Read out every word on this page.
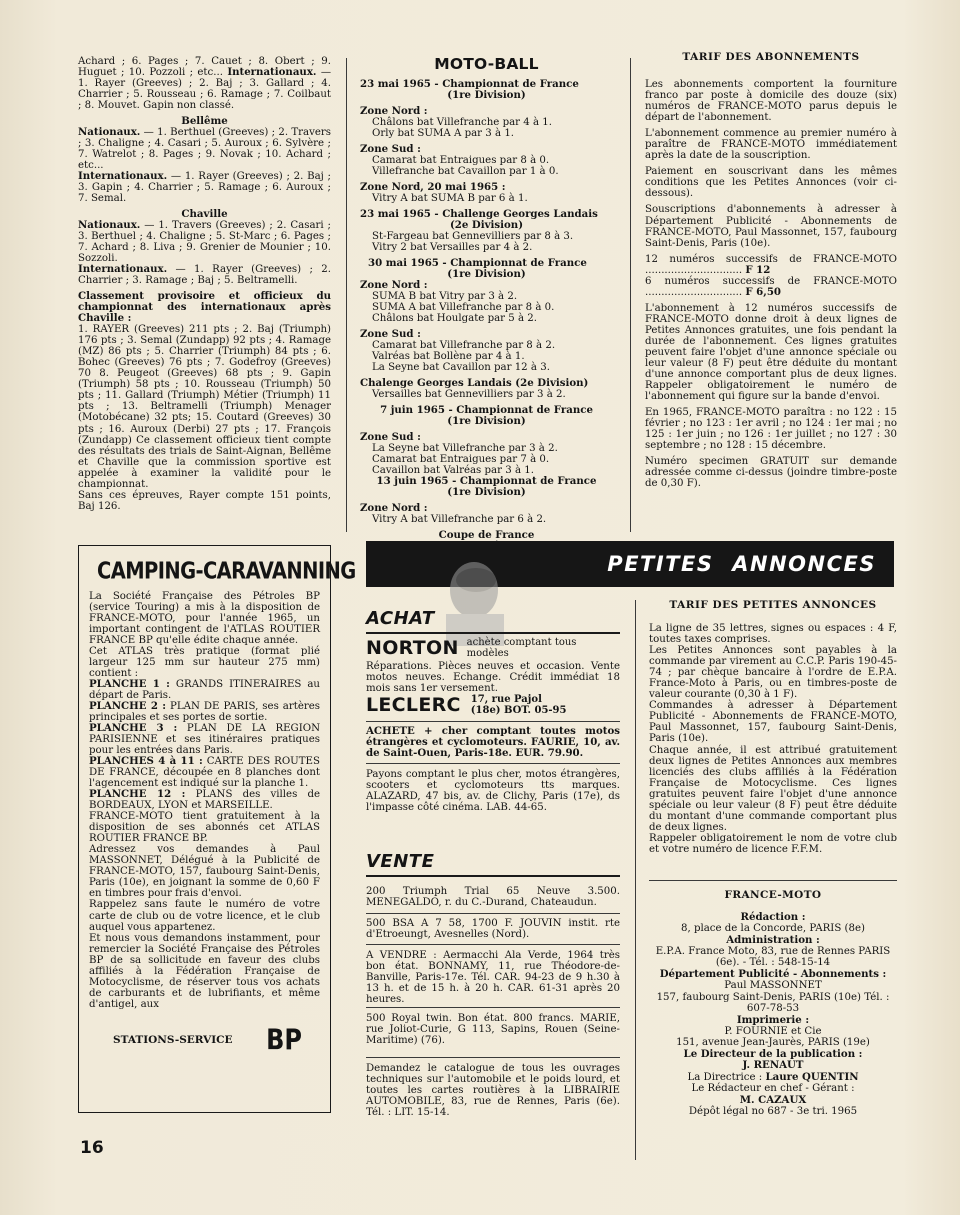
Achard ; 6. Pages ; 7. Cauet ; 8. Obert ; 9. Huguet ; 10. Pozzoli ; etc... Internationaux. — 1. Rayer (Greeves) ; 2. Baj ; 3. Gallard ; 4. Charrier ; 5. Rousseau ; 6. Ramage ; 7. Coilbaut ; 8. Mouvet. Gapin non classé.

Bellême

Nationaux. — 1. Berthuel (Greeves) ; 2. Travers ; 3. Chaligne ; 4. Casari ; 5. Auroux ; 6. Sylvère ; 7. Watrelot ; 8. Pages ; 9. Novak ; 10. Achard ; etc...

Internationaux. — 1. Rayer (Greeves) ; 2. Baj ; 3. Gapin ; 4. Charrier ; 5. Ramage ; 6. Auroux ; 7. Semal.

Chaville

Nationaux. — 1. Travers (Greeves) ; 2. Casari ; 3. Berthuel ; 4. Chaligne ; 5. St-Marc ; 6. Pages ; 7. Achard ; 8. Liva ; 9. Grenier de Mounier ; 10. Sozzoli.

Internationaux. — 1. Rayer (Greeves) ; 2. Charrier ; 3. Ramage ; Baj ; 5. Beltramelli.

Classement provisoire et officieux du championnat des internationaux après Chaville :

1. RAYER (Greeves) 211 pts ; 2. Baj (Triumph) 176 pts ; 3. Semal (Zundapp) 92 pts ; 4. Ramage (MZ) 86 pts ; 5. Charrier (Triumph) 84 pts ; 6. Bohec (Greeves) 76 pts ; 7. Godefroy (Greeves) 70 8. Peugeot (Greeves) 68 pts ; 9. Gapin (Triumph) 58 pts ; 10. Rousseau (Triumph) 50 pts ; 11. Gallard (Triumph) Métier (Triumph) 11 pts ; 13. Beltramelli (Triumph) Menager (Motobécane) 32 pts; 15. Coutard (Greeves) 30 pts ; 16. Auroux (Derbi) 27 pts ; 17. François (Zundapp) Ce classement officieux tient compte des résultats des trials de Saint-Aignan, Bellême et Chaville que la commission sportive est appelée à examiner la validité pour le championnat.

Sans ces épreuves, Rayer compte 151 points, Baj 126.

CAMPING-CARAVANNING

La Société Française des Pétroles BP (service Touring) a mis à la disposition de FRANCE-MOTO, pour l'année 1965, un important contingent de l'ATLAS ROUTIER FRANCE BP qu'elle édite chaque année.

Cet ATLAS très pratique (format plié largeur 125 mm sur hauteur 275 mm) contient :

PLANCHE 1 : GRANDS ITINERAIRES au départ de Paris.

PLANCHE 2 : PLAN DE PARIS, ses artères principales et ses portes de sortie.

PLANCHE 3 : PLAN DE LA REGION PARISIENNE et ses itinéraires pratiques pour les entrées dans Paris.

PLANCHES 4 à 11 : CARTE DES ROUTES DE FRANCE, découpée en 8 planches dont l'agencement est indiqué sur la planche 1.

PLANCHE 12 : PLANS des villes de BORDEAUX, LYON et MARSEILLE.

FRANCE-MOTO tient gratuitement à la disposition de ses abonnés cet ATLAS ROUTIER FRANCE BP.

Adressez vos demandes à Paul MASSONNET, Délégué à la Publicité de FRANCE-MOTO, 157, faubourg Saint-Denis, Paris (10e), en joignant la somme de 0,60 F en timbres pour frais d'envoi.

Rappelez sans faute le numéro de votre carte de club ou de votre licence, et le club auquel vous appartenez.

Et nous vous demandons instamment, pour remercier la Société Française des Pétroles BP de sa sollicitude en faveur des clubs affiliés à la Fédération Française de Motocyclisme, de réserver tous vos achats de carburants et de lubrifiants, et même d'antigel, aux

STATIONS-SERVICE BP
MOTO-BALL

23 mai 1965 - Championnat de France

(1re Division)

Zone Nord :

Châlons bat Villefranche par 4 à 1.

Orly bat SUMA A par 3 à 1.

Zone Sud :

Camarat bat Entraigues par 8 à 0.

Villefranche bat Cavaillon par 1 à 0.

Zone Nord, 20 mai 1965 :

Vitry A bat SUMA B par 6 à 1.

23 mai 1965 - Challenge Georges Landais

(2e Division)

St-Fargeau bat Gennevilliers par 8 à 3.

Vitry 2 bat Versailles par 4 à 2.

30 mai 1965 - Championnat de France

(1re Division)

Zone Nord :

SUMA B bat Vitry par 3 à 2.

SUMA A bat Villefranche par 8 à 0.

Châlons bat Houlgate par 5 à 2.

Zone Sud :

Camarat bat Villefranche par 8 à 2.

Valréas bat Bollène par 4 à 1.

La Seyne bat Cavaillon par 12 à 3.

Chalenge Georges Landais (2e Division)

Versailles bat Gennevilliers par 3 à 2.

7 juin 1965 - Championnat de France

(1re Division)

Zone Sud :

La Seyne bat Villefranche par 3 à 2.

Camarat bat Entraigues par 7 à 0.

Cavaillon bat Valréas par 3 à 1.

13 juin 1965 - Championnat de France

(1re Division)

Zone Nord :

Vitry A bat Villefranche par 6 à 2.

Coupe de France

TARIF DES ABONNEMENTS

Les abonnements comportent la fourniture franco par poste à domicile des douze (six) numéros de FRANCE-MOTO parus depuis le départ de l'abonnement.

L'abonnement commence au premier numéro à paraître de FRANCE-MOTO immédiatement après la date de la souscription.

Paiement en souscrivant dans les mêmes conditions que les Petites Annonces (voir ci-dessous).

Souscriptions d'abonnements à adresser à Département Publicité - Abonnements de FRANCE-MOTO, Paul Massonnet, 157, faubourg Saint-Denis, Paris (10e).

12 numéros successifs de FRANCE-MOTO .............................. F 12

6 numéros successifs de FRANCE-MOTO .............................. F 6,50

L'abonnement à 12 numéros successifs de FRANCE-MOTO donne droit à deux lignes de Petites Annonces gratuites, une fois pendant la durée de l'abonnement. Ces lignes gratuites peuvent faire l'objet d'une annonce spéciale ou leur valeur (8 F) peut être déduite du montant d'une annonce comportant plus de deux lignes. Rappeler obligatoirement le numéro de l'abonnement qui figure sur la bande d'envoi.

En 1965, FRANCE-MOTO paraîtra : no 122 : 15 février ; no 123 : 1er avril ; no 124 : 1er mai ; no 125 : 1er juin ; no 126 : 1er juillet ; no 127 : 30 septembre ; no 128 : 15 décembre.

Numéro specimen GRATUIT sur demande adressée comme ci-dessus (joindre timbre-poste de 0,30 F).

PETITES ANNONCES
ACHAT
NORTON achète comptant tous modèles

Réparations. Pièces neuves et occasion. Vente motos neuves. Echange. Crédit immédiat 18 mois sans 1er versement.

LECLERC 17, rue Pajol (18e) BOT. 05-95

ACHETE + cher comptant toutes motos étrangères et cyclomoteurs. FAURIE, 10, av. de Saint-Ouen, Paris-18e. EUR. 79.90.

Payons comptant le plus cher, motos étrangères, scooters et cyclomoteurs tts marques. ALAZARD, 47 bis, av. de Clichy, Paris (17e), ds l'impasse côté cinéma. LAB. 44-65.

VENTE

200 Triumph Trial 65 Neuve 3.500. MENEGALDO, r. du C.-Durand, Chateaudun.

500 BSA A 7 58, 1700 F. JOUVIN instit. rte d'Etroeungt, Avesnelles (Nord).

A VENDRE : Aermacchi Ala Verde, 1964 très bon état. BONNAMY, 11, rue Théodore-de-Banville, Paris-17e. Tél. CAR. 94-23 de 9 h.30 à 13 h. et de 15 h. à 20 h. CAR. 61-31 après 20 heures.

500 Royal twin. Bon état. 800 francs. MARIE, rue Joliot-Curie, G 113, Sapins, Rouen (Seine-Maritime) (76).

Demandez le catalogue de tous les ouvrages techniques sur l'automobile et le poids lourd, et toutes les cartes routières à la LIBRAIRIE AUTOMOBILE, 83, rue de Rennes, Paris (6e). Tél. : LIT. 15-14.

TARIF DES PETITES ANNONCES

La ligne de 35 lettres, signes ou espaces : 4 F, toutes taxes comprises.

Les Petites Annonces sont payables à la commande par virement au C.C.P. Paris 190-45-74 ; par chèque bancaire à l'ordre de E.P.A. France-Moto à Paris, ou en timbres-poste de valeur courante (0,30 à 1 F).

Commandes à adresser à Département Publicité - Abonnements de FRANCE-MOTO, Paul Massonnet, 157, faubourg Saint-Denis, Paris (10e).

Chaque année, il est attribué gratuitement deux lignes de Petites Annonces aux membres licenciés des clubs affiliés à la Fédération Française de Motocyclisme. Ces lignes gratuites peuvent faire l'objet d'une annonce spéciale ou leur valeur (8 F) peut être déduite du montant d'une commande comportant plus de deux lignes.

Rappeler obligatoirement le nom de votre club et votre numéro de licence F.F.M.

FRANCE-MOTO

Rédaction :

8, place de la Concorde, PARIS (8e)

Administration :

E.P.A. France Moto, 83, rue de Rennes PARIS (6e). - Tél. : 548-15-14

Département Publicité - Abonnements :

Paul MASSONNET

157, faubourg Saint-Denis, PARIS (10e) Tél. : 607-78-53

Imprimerie :

P. FOURNIE et Cie

151, avenue Jean-Jaurès, PARIS (19e)

Le Directeur de la publication :

J. RENAUT

La Directrice : Laure QUENTIN

Le Rédacteur en chef - Gérant :

M. CAZAUX

Dépôt légal no 687 - 3e tri. 1965

16
